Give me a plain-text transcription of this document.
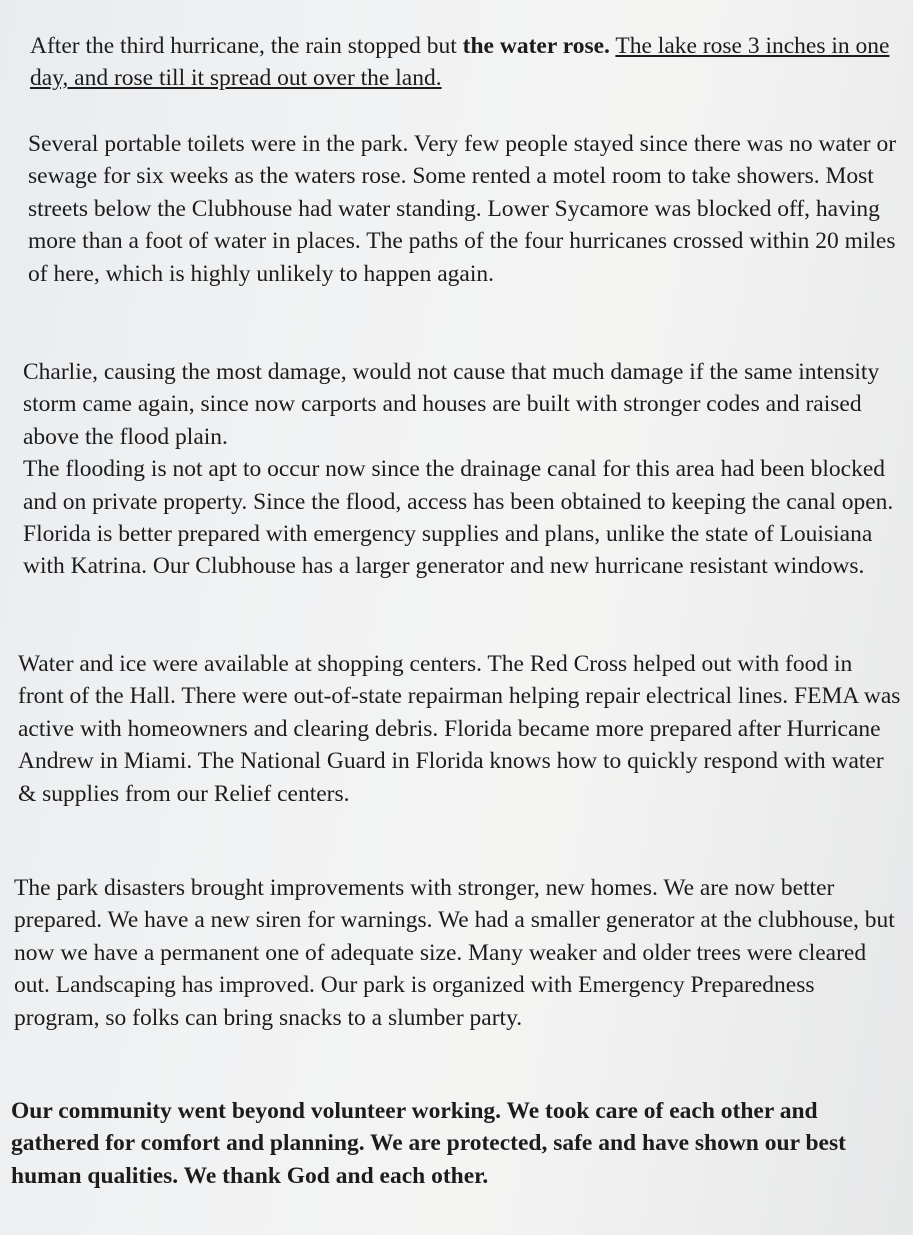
After the third hurricane, the rain stopped but the water rose. The lake rose 3 inches in one day, and rose till it spread out over the land.

Several portable toilets were in the park. Very few people stayed since there was no water or sewage for six weeks as the waters rose. Some rented a motel room to take showers. Most streets below the Clubhouse had water standing. Lower Sycamore was blocked off, having more than a foot of water in places. The paths of the four hurricanes crossed within 20 miles of here, which is highly unlikely to happen again.

Charlie, causing the most damage, would not cause that much damage if the same intensity storm came again, since now carports and houses are built with stronger codes and raised above the flood plain.
The flooding is not apt to occur now since the drainage canal for this area had been blocked and on private property. Since the flood, access has been obtained to keeping the canal open. Florida is better prepared with emergency supplies and plans, unlike the state of Louisiana with Katrina. Our Clubhouse has a larger generator and new hurricane resistant windows.

Water and ice were available at shopping centers. The Red Cross helped out with food in front of the Hall. There were out-of-state repairman helping repair electrical lines. FEMA was active with homeowners and clearing debris. Florida became more prepared after Hurricane Andrew in Miami. The National Guard in Florida knows how to quickly respond with water & supplies from our Relief centers.

The park disasters brought improvements with stronger, new homes. We are now better prepared. We have a new siren for warnings. We had a smaller generator at the clubhouse, but now we have a permanent one of adequate size. Many weaker and older trees were cleared out. Landscaping has improved. Our park is organized with Emergency Preparedness program, so folks can bring snacks to a slumber party.

Our community went beyond volunteer working. We took care of each other and gathered for comfort and planning. We are protected, safe and have shown our best human qualities. We thank God and each other.
